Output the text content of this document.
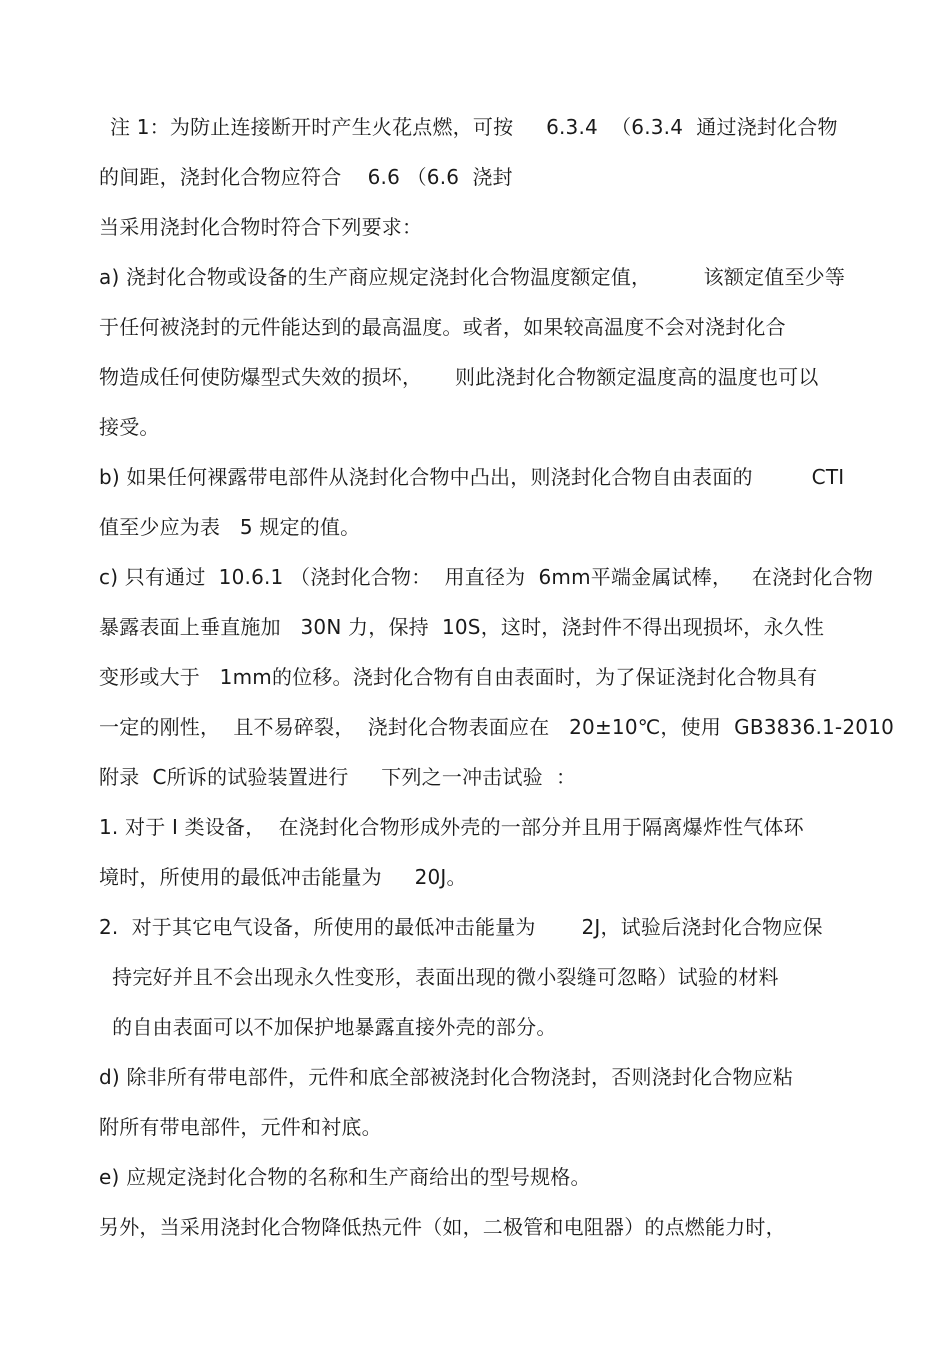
注 1：为防止连接断开时产生火花点燃，可按     6.3.4  （6.3.4  通过浇封化合物
的间距，浇封化合物应符合    6.6 （6.6  浇封
当采用浇封化合物时符合下列要求：
a) 浇封化合物或设备的生产商应规定浇封化合物温度额定值，        该额定值至少等
于任何被浇封的元件能达到的最高温度。或者，如果较高温度不会对浇封化合
物造成任何使防爆型式失效的损坏，     则此浇封化合物额定温度高的温度也可以
接受。
b) 如果任何裸露带电部件从浇封化合物中凸出，则浇封化合物自由表面的         CTI
值至少应为表   5 规定的值。
c) 只有通过  10.6.1 （浇封化合物：  用直径为  6mm平端金属试棒，   在浇封化合物
暴露表面上垂直施加   30N 力，保持  10S，这时，浇封件不得出现损坏，永久性
变形或大于   1mm的位移。浇封化合物有自由表面时，为了保证浇封化合物具有
一定的刚性，  且不易碎裂，  浇封化合物表面应在   20±10℃，使用  GB3836.1-2010
附录  C所诉的试验装置进行     下列之一冲击试验  ：
1. 对于 Ⅰ 类设备，  在浇封化合物形成外壳的一部分并且用于隔离爆炸性气体环
境时，所使用的最低冲击能量为     20J。
2.  对于其它电气设备，所使用的最低冲击能量为       2J，试验后浇封化合物应保
持完好并且不会出现永久性变形，表面出现的微小裂缝可忽略）试验的材料
的自由表面可以不加保护地暴露直接外壳的部分。
d) 除非所有带电部件，元件和底全部被浇封化合物浇封，否则浇封化合物应粘
附所有带电部件，元件和衬底。
e) 应规定浇封化合物的名称和生产商给出的型号规格。
另外，当采用浇封化合物降低热元件（如，二极管和电阻器）的点燃能力时，
